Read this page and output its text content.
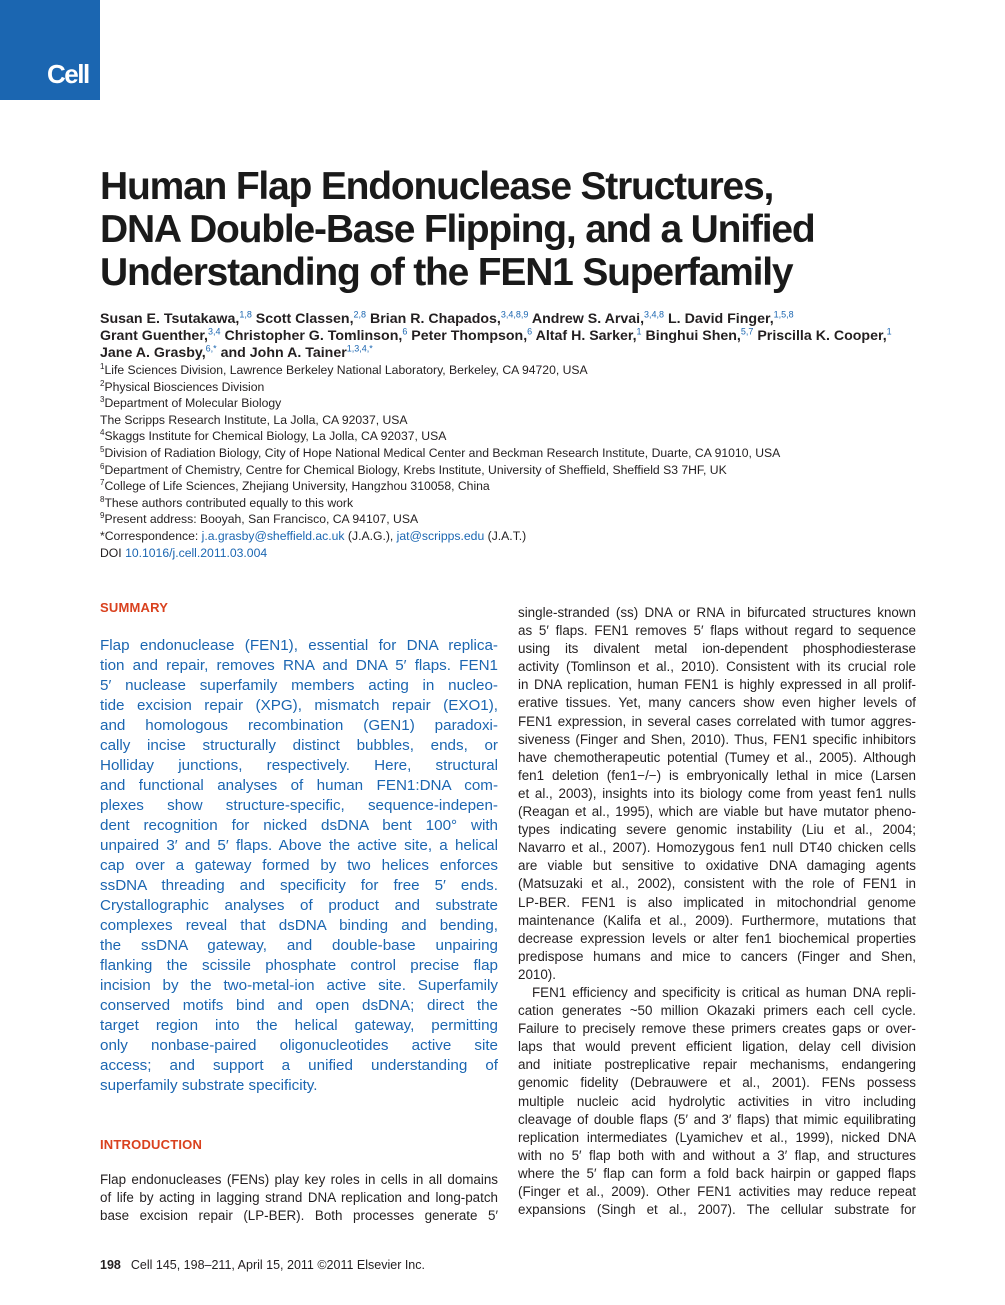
Cell
Human Flap Endonuclease Structures,
DNA Double-Base Flipping, and a Unified
Understanding of the FEN1 Superfamily
Susan E. Tsutakawa,$^{1,8}$ Scott Classen,$^{2,8}$ Brian R. Chapados,$^{3,4,8,9}$ Andrew S. Arvai,$^{3,4,8}$ L. David Finger,$^{1,5,8}$
Grant Guenther,$^{3,4}$ Christopher G. Tomlinson,$^6$ Peter Thompson,$^6$ Altaf H. Sarker,$^1$ Binghui Shen,$^{5,7}$ Priscilla K. Cooper,$^1$
Jane A. Grasby,$^{6,*}$ and John A. Tainer$^{1,3,4,*}$
$^1$Life Sciences Division, Lawrence Berkeley National Laboratory, Berkeley, CA 94720, USA
$^2$Physical Biosciences Division
$^3$Department of Molecular Biology
The Scripps Research Institute, La Jolla, CA 92037, USA
$^4$Skaggs Institute for Chemical Biology, La Jolla, CA 92037, USA
$^5$Division of Radiation Biology, City of Hope National Medical Center and Beckman Research Institute, Duarte, CA 91010, USA
$^6$Department of Chemistry, Centre for Chemical Biology, Krebs Institute, University of Sheffield, Sheffield S3 7HF, UK
$^7$College of Life Sciences, Zhejiang University, Hangzhou 310058, China
$^8$These authors contributed equally to this work
$^9$Present address: Booyah, San Francisco, CA 94107, USA
*Correspondence: j.a.grasby@sheffield.ac.uk (J.A.G.), jat@scripps.edu (J.A.T.)
DOI 10.1016/j.cell.2011.03.004
SUMMARY
Flap endonuclease (FEN1), essential for DNA replica-
tion and repair, removes RNA and DNA 5′ flaps. FEN1
5′ nuclease superfamily members acting in nucleo-
tide excision repair (XPG), mismatch repair (EXO1),
and homologous recombination (GEN1) paradoxi-
cally incise structurally distinct bubbles, ends, or
Holliday junctions, respectively. Here, structural
and functional analyses of human FEN1:DNA com-
plexes show structure-specific, sequence-indepen-
dent recognition for nicked dsDNA bent 100° with
unpaired 3′ and 5′ flaps. Above the active site, a helical
cap over a gateway formed by two helices enforces
ssDNA threading and specificity for free 5′ ends.
Crystallographic analyses of product and substrate
complexes reveal that dsDNA binding and bending,
the ssDNA gateway, and double-base unpairing
flanking the scissile phosphate control precise flap
incision by the two-metal-ion active site. Superfamily
conserved motifs bind and open dsDNA; direct the
target region into the helical gateway, permitting
only nonbase-paired oligonucleotides active site
access; and support a unified understanding of
superfamily substrate specificity.
INTRODUCTION
Flap endonucleases (FENs) play key roles in cells in all domains
of life by acting in lagging strand DNA replication and long-patch
base excision repair (LP-BER). Both processes generate 5′
single-stranded (ss) DNA or RNA in bifurcated structures known
as 5′ flaps. FEN1 removes 5′ flaps without regard to sequence
using its divalent metal ion-dependent phosphodiesterase
activity (Tomlinson et al., 2010). Consistent with its crucial role
in DNA replication, human FEN1 is highly expressed in all prolif-
erative tissues. Yet, many cancers show even higher levels of
FEN1 expression, in several cases correlated with tumor aggres-
siveness (Finger and Shen, 2010). Thus, FEN1 specific inhibitors
have chemotherapeutic potential (Tumey et al., 2005). Although
fen1 deletion (fen1−/−) is embryonically lethal in mice (Larsen
et al., 2003), insights into its biology come from yeast fen1 nulls
(Reagan et al., 1995), which are viable but have mutator pheno-
types indicating severe genomic instability (Liu et al., 2004;
Navarro et al., 2007). Homozygous fen1 null DT40 chicken cells
are viable but sensitive to oxidative DNA damaging agents
(Matsuzaki et al., 2002), consistent with the role of FEN1 in
LP-BER. FEN1 is also implicated in mitochondrial genome
maintenance (Kalifa et al., 2009). Furthermore, mutations that
decrease expression levels or alter fen1 biochemical properties
predispose humans and mice to cancers (Finger and Shen,
2010).
FEN1 efficiency and specificity is critical as human DNA repli-
cation generates ~50 million Okazaki primers each cell cycle.
Failure to precisely remove these primers creates gaps or over-
laps that would prevent efficient ligation, delay cell division
and initiate postreplicative repair mechanisms, endangering
genomic fidelity (Debrauwere et al., 2001). FENs possess
multiple nucleic acid hydrolytic activities in vitro including
cleavage of double flaps (5′ and 3′ flaps) that mimic equilibrating
replication intermediates (Lyamichev et al., 1999), nicked DNA
with no 5′ flap both with and without a 3′ flap, and structures
where the 5′ flap can form a fold back hairpin or gapped flaps
(Finger et al., 2009). Other FEN1 activities may reduce repeat
expansions (Singh et al., 2007). The cellular substrate for
198 Cell 145, 198–211, April 15, 2011 ©2011 Elsevier Inc.
